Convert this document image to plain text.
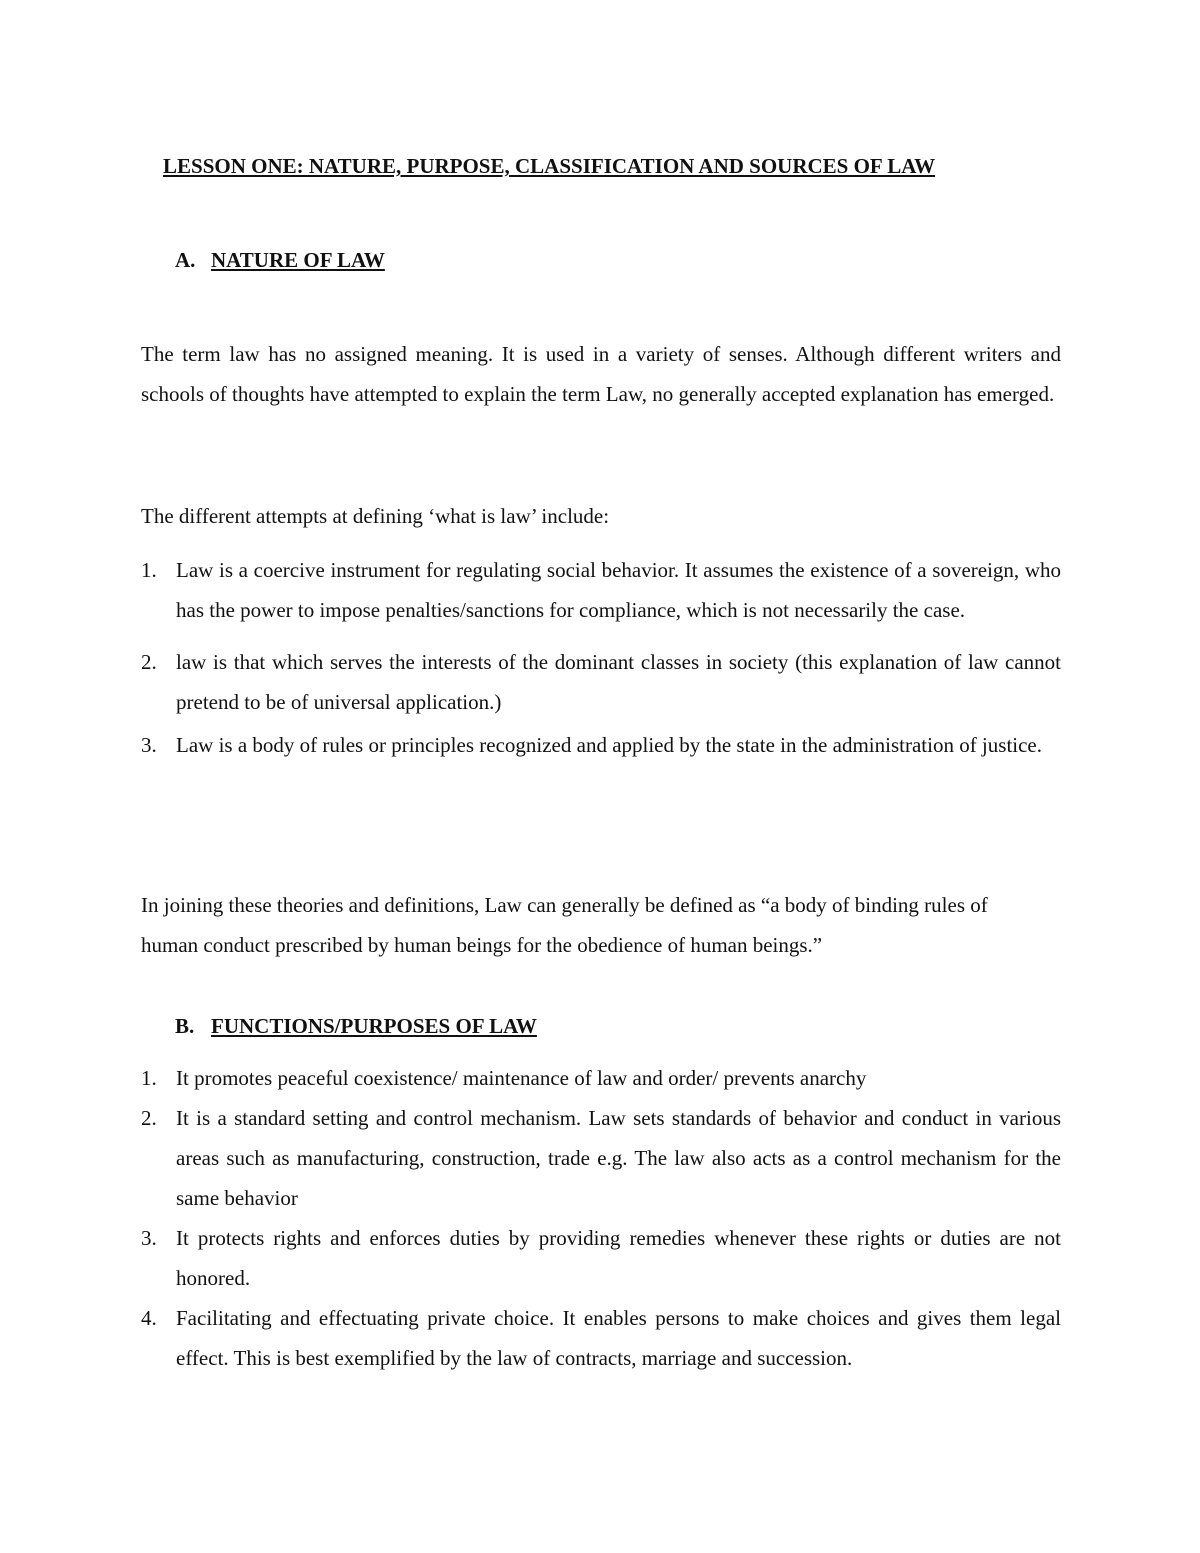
LESSON ONE: NATURE, PURPOSE, CLASSIFICATION AND SOURCES OF LAW
A. NATURE OF LAW

The term law has no assigned meaning. It is used in a variety of senses. Although different writers and schools of thoughts have attempted to explain the term Law, no generally accepted explanation has emerged.

The different attempts at defining ‘what is law’ include:

1. Law is a coercive instrument for regulating social behavior. It assumes the existence of a sovereign, who has the power to impose penalties/sanctions for compliance, which is not necessarily the case.
2. law is that which serves the interests of the dominant classes in society (this explanation of law cannot pretend to be of universal application.)
3. Law is a body of rules or principles recognized and applied by the state in the administration of justice.

In joining these theories and definitions, Law can generally be defined as “a body of binding rules of human conduct prescribed by human beings for the obedience of human beings.”

B. FUNCTIONS/PURPOSES OF LAW
1. It promotes peaceful coexistence/ maintenance of law and order/ prevents anarchy
2. It is a standard setting and control mechanism. Law sets standards of behavior and conduct in various areas such as manufacturing, construction, trade e.g. The law also acts as a control mechanism for the same behavior
3. It protects rights and enforces duties by providing remedies whenever these rights or duties are not honored.
4. Facilitating and effectuating private choice. It enables persons to make choices and gives them legal effect. This is best exemplified by the law of contracts, marriage and succession.
